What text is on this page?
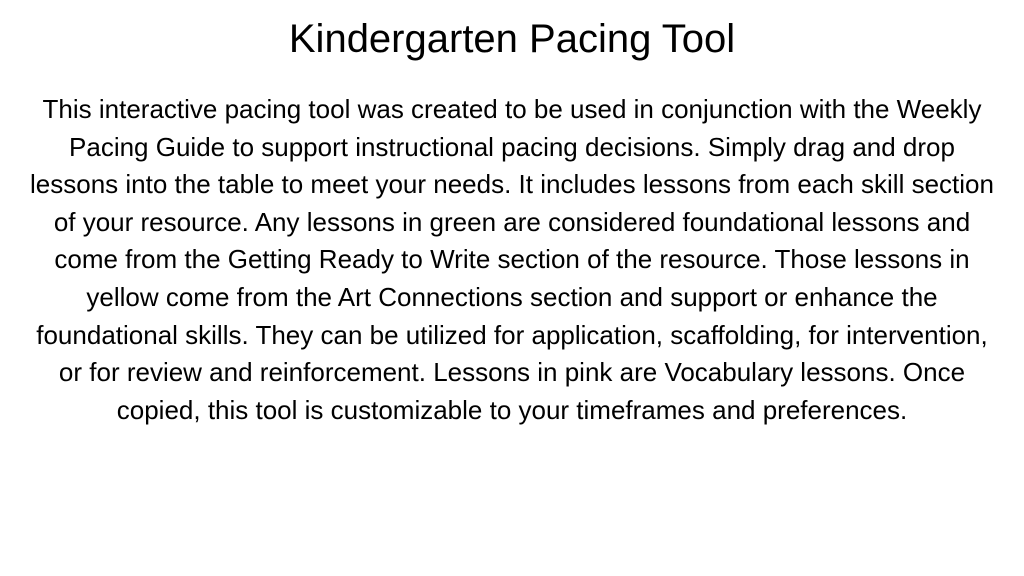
Kindergarten Pacing Tool

This interactive pacing tool was created to be used in conjunction with the Weekly Pacing Guide to support instructional pacing decisions. Simply drag and drop lessons into the table to meet your needs. It includes lessons from each skill section of your resource. Any lessons in green are considered foundational lessons and come from the Getting Ready to Write section of the resource. Those lessons in yellow come from the Art Connections section and support or enhance the foundational skills. They can be utilized for application, scaffolding, for intervention, or for review and reinforcement. Lessons in pink are Vocabulary lessons. Once copied, this tool is customizable to your timeframes and preferences.
